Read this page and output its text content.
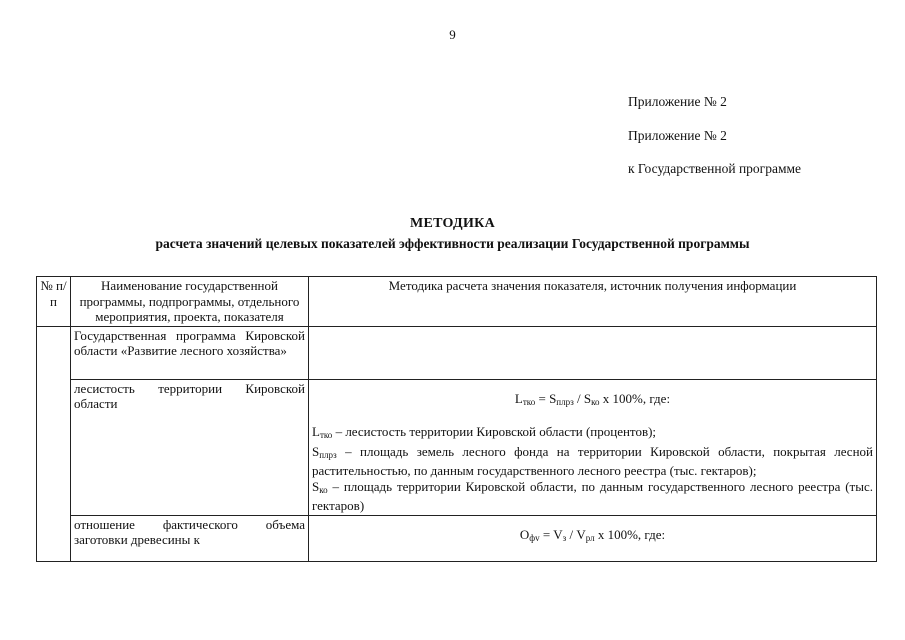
9
Приложение № 2
Приложение № 2
к Государственной программе
МЕТОДИКА
расчета значений целевых показателей эффективности реализации Государственной программы
№ п/п	Наименование государственной программы, подпрограммы, отдельного мероприятия, проекта, показателя	Методика расчета значения показателя, источник получения информации
	Государственная программа Кировской области «Развитие лесного хозяйства»	
	лесистость территории Кировской области	$L_{тко} = S_{плрз} / S_{ко}$ x 100%, где:

$L_{тко}$ – лесистость территории Кировской области (процентов);

$S_{плрз}$ – площадь земель лесного фонда на территории Кировской области, покрытая лесной растительностью, по данным государственного лесного реестра (тыс. гектаров);

$S_{ко}$ – площадь территории Кировской области, по данным государственного лесного реестра (тыс. гектаров)

	отношение фактического объема заготовки древесины к	$O_{фv} = V_з / V_{рл}$ x 100%, где:
